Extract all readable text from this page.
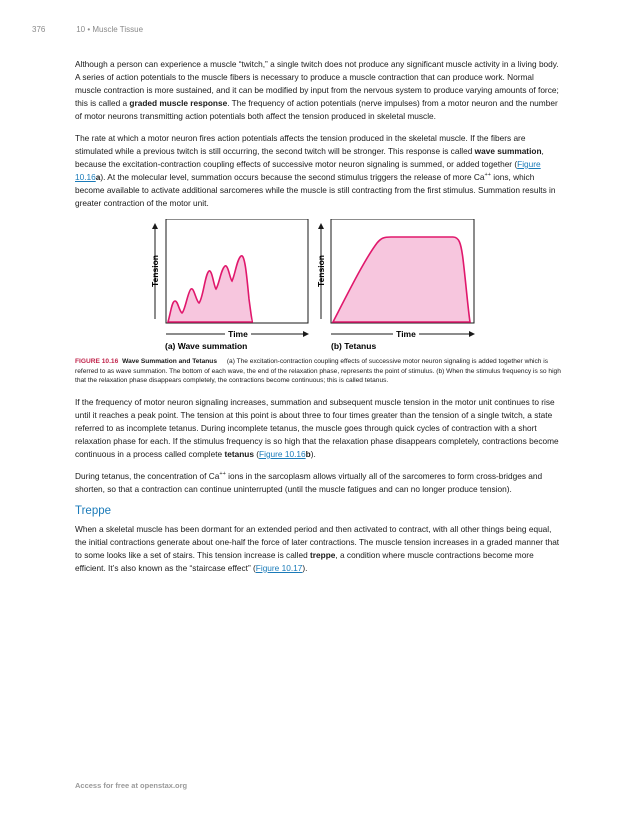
376	10 • Muscle Tissue

Although a person can experience a muscle “twitch,” a single twitch does not produce any significant muscle activity in a living body. A series of action potentials to the muscle fibers is necessary to produce a muscle contraction that can produce work. Normal muscle contraction is more sustained, and it can be modified by input from the nervous system to produce varying amounts of force; this is called a graded muscle response. The frequency of action potentials (nerve impulses) from a motor neuron and the number of motor neurons transmitting action potentials both affect the tension produced in skeletal muscle.

The rate at which a motor neuron fires action potentials affects the tension produced in the skeletal muscle. If the fibers are stimulated while a previous twitch is still occurring, the second twitch will be stronger. This response is called wave summation, because the excitation-contraction coupling effects of successive motor neuron signaling is summed, or added together (Figure 10.16a). At the molecular level, summation occurs because the second stimulus triggers the release of more Ca++ ions, which become available to activate additional sarcomeres while the muscle is still contracting from the first stimulus. Summation results in greater contraction of the motor unit.

Time
Tension
(a) Wave summation
Time
Tension
(b) Tetanus
FIGURE 10.16 Wave Summation and Tetanus (a) The excitation-contraction coupling effects of successive motor neuron signaling is added together which is referred to as wave summation. The bottom of each wave, the end of the relaxation phase, represents the point of stimulus. (b) When the stimulus frequency is so high that the relaxation phase disappears completely, the contractions become continuous; this is called tetanus.

If the frequency of motor neuron signaling increases, summation and subsequent muscle tension in the motor unit continues to rise until it reaches a peak point. The tension at this point is about three to four times greater than the tension of a single twitch, a state referred to as incomplete tetanus. During incomplete tetanus, the muscle goes through quick cycles of contraction with a short relaxation phase for each. If the stimulus frequency is so high that the relaxation phase disappears completely, contractions become continuous in a process called complete tetanus (Figure 10.16b).

During tetanus, the concentration of Ca++ ions in the sarcoplasm allows virtually all of the sarcomeres to form cross-bridges and shorten, so that a contraction can continue uninterrupted (until the muscle fatigues and can no longer produce tension).

Treppe

When a skeletal muscle has been dormant for an extended period and then activated to contract, with all other things being equal, the initial contractions generate about one-half the force of later contractions. The muscle tension increases in a graded manner that to some looks like a set of stairs. This tension increase is called treppe, a condition where muscle contractions become more efficient. It’s also known as the “staircase effect” (Figure 10.17).

Access for free at openstax.org
